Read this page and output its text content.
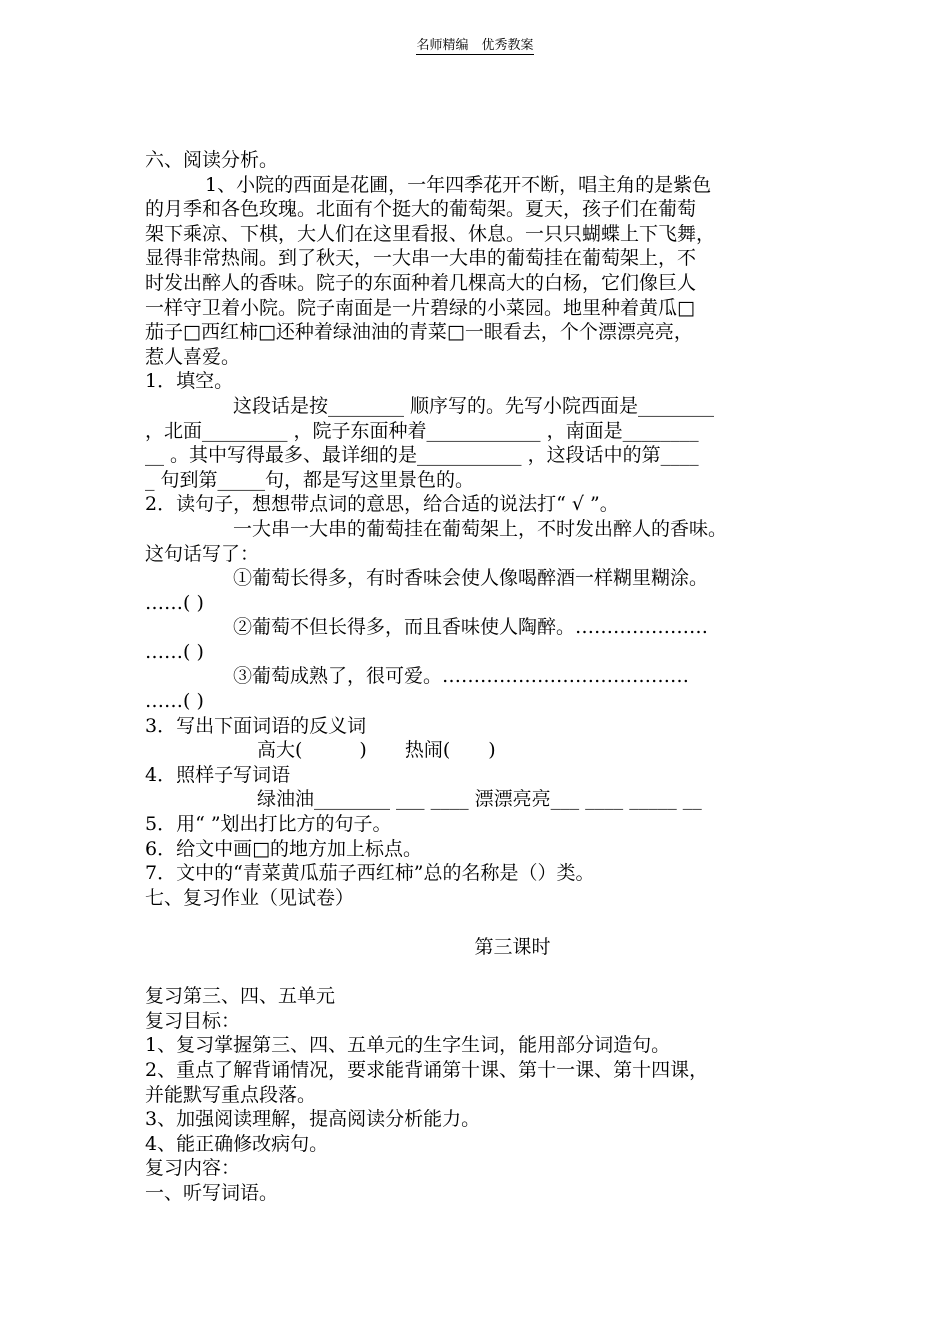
名师精编　优秀教案
六、阅读分析。
1、小院的西面是花圃，一年四季花开不断，唱主角的是紫色
的月季和各色玫瑰。北面有个挺大的葡萄架。夏天，孩子们在葡萄
架下乘凉、下棋，大人们在这里看报、休息。一只只蝴蝶上下飞舞，
显得非常热闹。到了秋天，一大串一大串的葡萄挂在葡萄架上，不
时发出醉人的香味。院子的东面种着几棵高大的白杨，它们像巨人
一样守卫着小院。院子南面是一片碧绿的小菜园。地里种着黄瓜□
茄子□西红柿□还种着绿油油的青菜□一眼看去，个个漂漂亮亮，
惹人喜爱。
1．填空。
这段话是按________ 顺序写的。先写小院西面是________
，北面_________ ，院子东面种着____________ ，南面是________
__ 。其中写得最多、最详细的是___________ ，这段话中的第____
_ 句到第_____句，都是写这里景色的。
2．读句子，想想带点词的意思，给合适的说法打“ √ ”。
一大串一大串的葡萄挂在葡萄架上，不时发出醉人的香味。
这句话写了：
①葡萄长得多，有时香味会使人像喝醉酒一样糊里糊涂。
……( )
②葡萄不但长得多，而且香味使人陶醉。…………………
……( )
③葡萄成熟了，很可爱。…………………………………
……( )
3．写出下面词语的反义词
高大(　　　)　　热闹(　　)
4．照样子写词语
绿油油________ ___ ____ 漂漂亮亮___ ____ _____ __
5．用“ ”划出打比方的句子。
6．给文中画□的地方加上标点。
7．文中的“青菜黄瓜茄子西红柿”总的名称是（）类。
七、复习作业（见试卷）
第三课时
复习第三、四、五单元
复习目标：
1、复习掌握第三、四、五单元的生字生词，能用部分词造句。
2、重点了解背诵情况，要求能背诵第十课、第十一课、第十四课，
并能默写重点段落。
3、加强阅读理解，提高阅读分析能力。
4、能正确修改病句。
复习内容：
一、听写词语。
